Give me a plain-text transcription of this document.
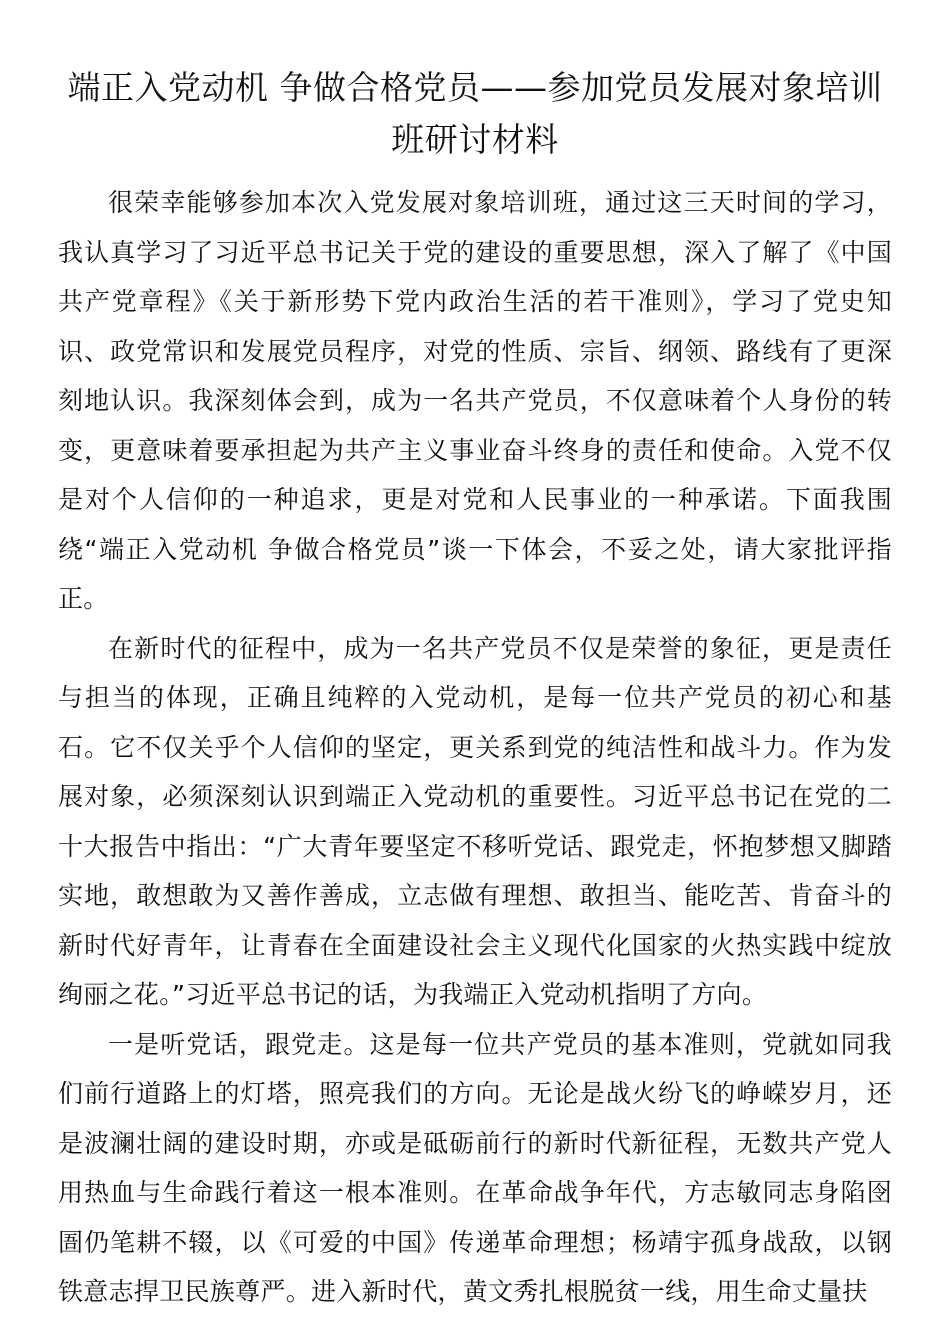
端正入党动机 争做合格党员——参加党员发展对象培训班研讨材料

很荣幸能够参加本次入党发展对象培训班，通过这三天时间的学习，我认真学习了习近平总书记关于党的建设的重要思想，深入了解了《中国共产党章程》《关于新形势下党内政治生活的若干准则》，学习了党史知识、政党常识和发展党员程序，对党的性质、宗旨、纲领、路线有了更深刻地认识。我深刻体会到，成为一名共产党员，不仅意味着个人身份的转变，更意味着要承担起为共产主义事业奋斗终身的责任和使命。入党不仅是对个人信仰的一种追求，更是对党和人民事业的一种承诺。下面我围绕“端正入党动机 争做合格党员”谈一下体会，不妥之处，请大家批评指正。

在新时代的征程中，成为一名共产党员不仅是荣誉的象征，更是责任与担当的体现，正确且纯粹的入党动机，是每一位共产党员的初心和基石。它不仅关乎个人信仰的坚定，更关系到党的纯洁性和战斗力。作为发展对象，必须深刻认识到端正入党动机的重要性。习近平总书记在党的二十大报告中指出：“广大青年要坚定不移听党话、跟党走，怀抱梦想又脚踏实地，敢想敢为又善作善成，立志做有理想、敢担当、能吃苦、肯奋斗的新时代好青年，让青春在全面建设社会主义现代化国家的火热实践中绽放绚丽之花。”习近平总书记的话，为我端正入党动机指明了方向。

一是听党话，跟党走。这是每一位共产党员的基本准则，党就如同我们前行道路上的灯塔，照亮我们的方向。无论是战火纷飞的峥嵘岁月，还是波澜壮阔的建设时期，亦或是砥砺前行的新时代新征程，无数共产党人用热血与生命践行着这一根本准则。在革命战争年代，方志敏同志身陷囹圄仍笔耕不辍，以《可爱的中国》传递革命理想；杨靖宇孤身战敌，以钢铁意志捍卫民族尊严。进入新时代，黄文秀扎根脱贫一线，用生命丈量扶
